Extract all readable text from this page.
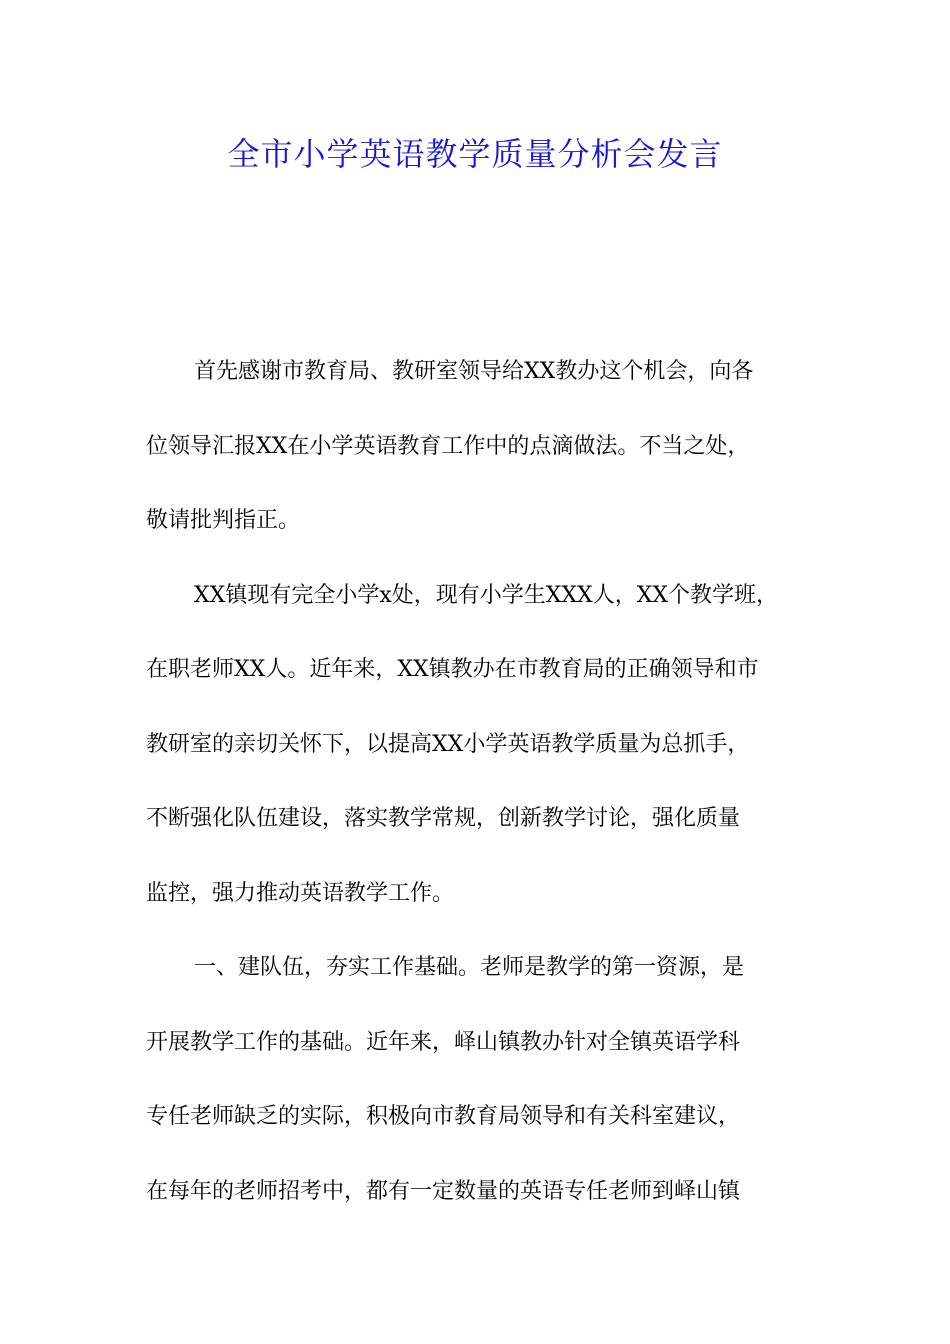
全市小学英语教学质量分析会发言
首先感谢市教育局、教研室领导给XX教办这个机会，向各
位领导汇报XX在小学英语教育工作中的点滴做法。不当之处，
敬请批判指正。
XX镇现有完全小学x处，现有小学生XXX人，XX个教学班，
在职老师XX人。近年来，XX镇教办在市教育局的正确领导和市
教研室的亲切关怀下，以提高XX小学英语教学质量为总抓手，
不断强化队伍建设，落实教学常规，创新教学讨论，强化质量
监控，强力推动英语教学工作。
一、建队伍，夯实工作基础。老师是教学的第一资源，是
开展教学工作的基础。近年来，峄山镇教办针对全镇英语学科
专任老师缺乏的实际，积极向市教育局领导和有关科室建议，
在每年的老师招考中，都有一定数量的英语专任老师到峄山镇
